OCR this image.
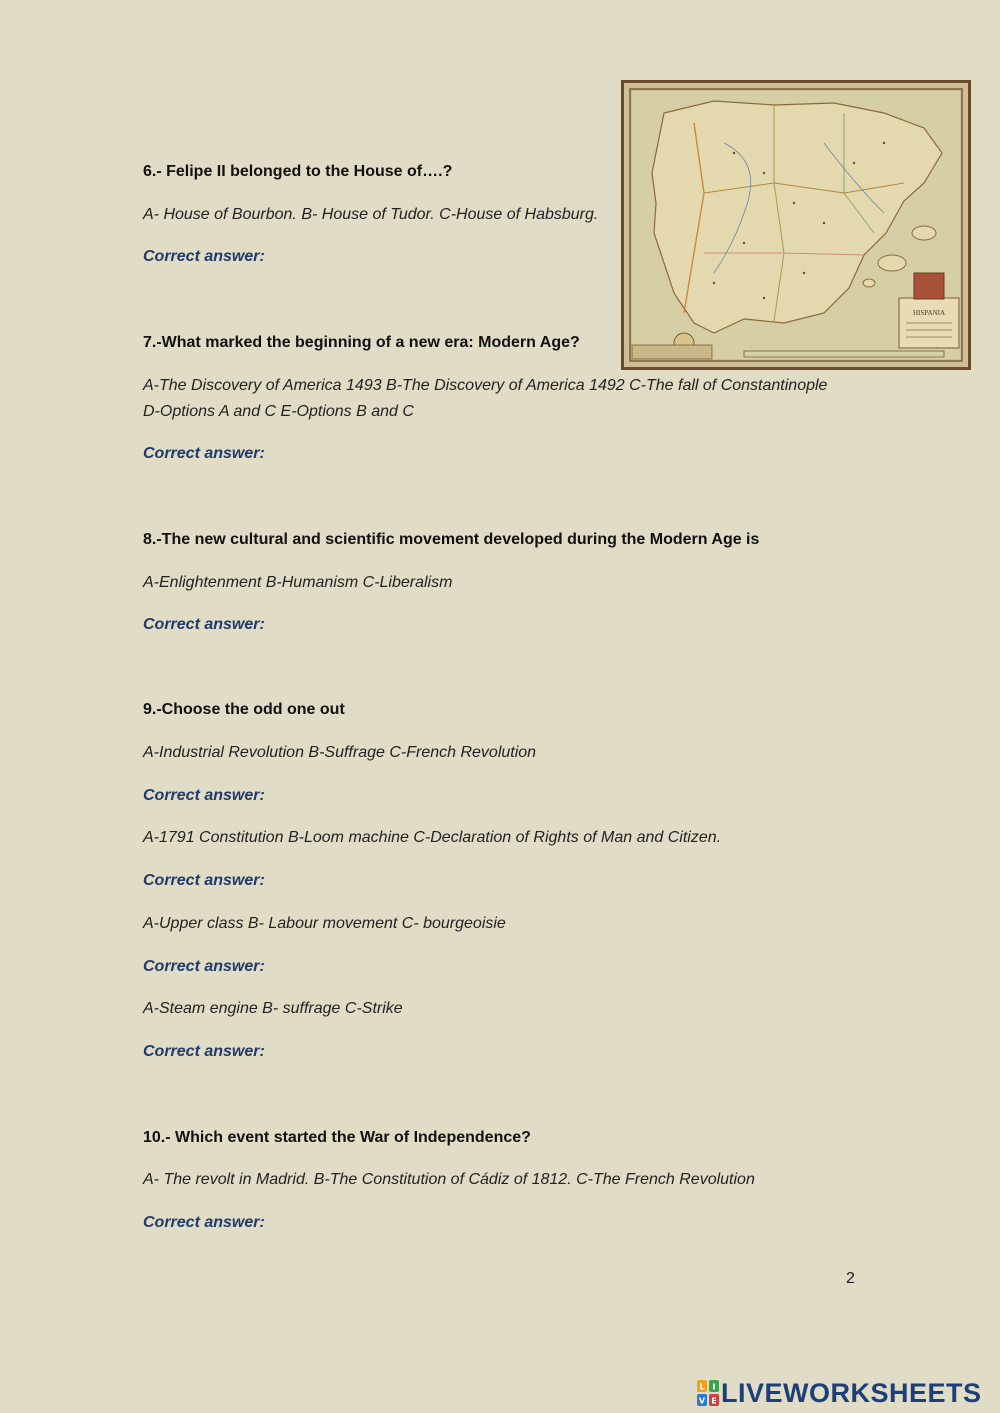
HISPANIA
6.- Felipe II belonged to the House of….?
A- House of Bourbon. B- House of Tudor. C-House of Habsburg.
Correct answer:
7.-What marked the beginning of a new era: Modern Age?
A-The Discovery of America 1493 B-The Discovery of America 1492 C-The fall of Constantinople
D-Options A and C E-Options B and C
Correct answer:
8.-The new cultural and scientific movement developed during the Modern Age is
A-Enlightenment B-Humanism C-Liberalism
Correct answer:
9.-Choose the odd one out
A-Industrial Revolution B-Suffrage C-French Revolution
Correct answer:
A-1791 Constitution B-Loom machine C-Declaration of Rights of Man and Citizen.
Correct answer:
A-Upper class B- Labour movement C- bourgeoisie
Correct answer:
A-Steam engine B- suffrage C-Strike
Correct answer:
10.- Which event started the War of Independence?
A- The revolt in Madrid. B-The Constitution of Cádiz of 1812. C-The French Revolution
Correct answer:
2
L I
V E LIVEWORKSHEETS
